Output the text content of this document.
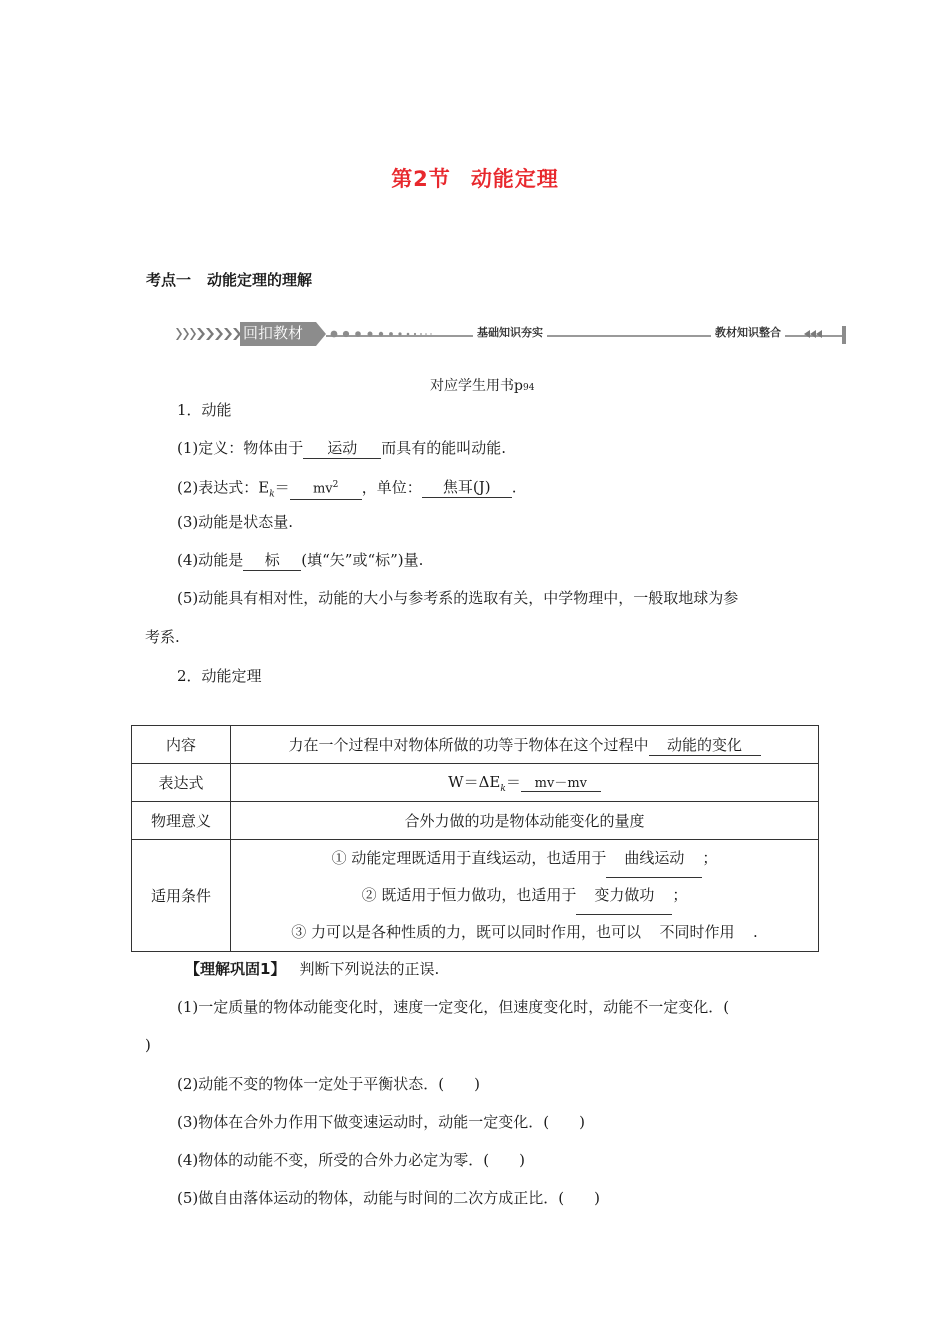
第2节 动能定理
考点一 动能定理的理解
回扣教材	基础知识夯实	教材知识整合
对应学生用书p94
1．动能
(1)定义：物体由于 运动 而具有的能叫动能.
(2)表达式：$E_k= mv^2$ ，单位： 焦耳(J) .
(3)动能是状态量.
(4)动能是 标 (填“矢”或“标”)量.
(5)动能具有相对性，动能的大小与参考系的选取有关，中学物理中，一般取地球为参
考系.
2．动能定理
内容	力在一个过程中对物体所做的功等于物体在这个过程中 动能的变化
表达式	$W=\Delta E_k= mv-mv$
物理意义	合外力做的功是物体动能变化的量度
适用条件	① 动能定理既适用于直线运动，也适用于 曲线运动 ；
② 既适用于恒力做功，也适用于 变力做功 ；
③ 力可以是各种性质的力，既可以同时作用，也可以 不同时作用 .
【理解巩固1】 判断下列说法的正误.
(1)一定质量的物体动能变化时，速度一定变化，但速度变化时，动能不一定变化．(
)
(2)动能不变的物体一定处于平衡状态．(　　)
(3)物体在合外力作用下做变速运动时，动能一定变化．(　　)
(4)物体的动能不变，所受的合外力必定为零．(　　)
(5)做自由落体运动的物体，动能与时间的二次方成正比．(　　)
